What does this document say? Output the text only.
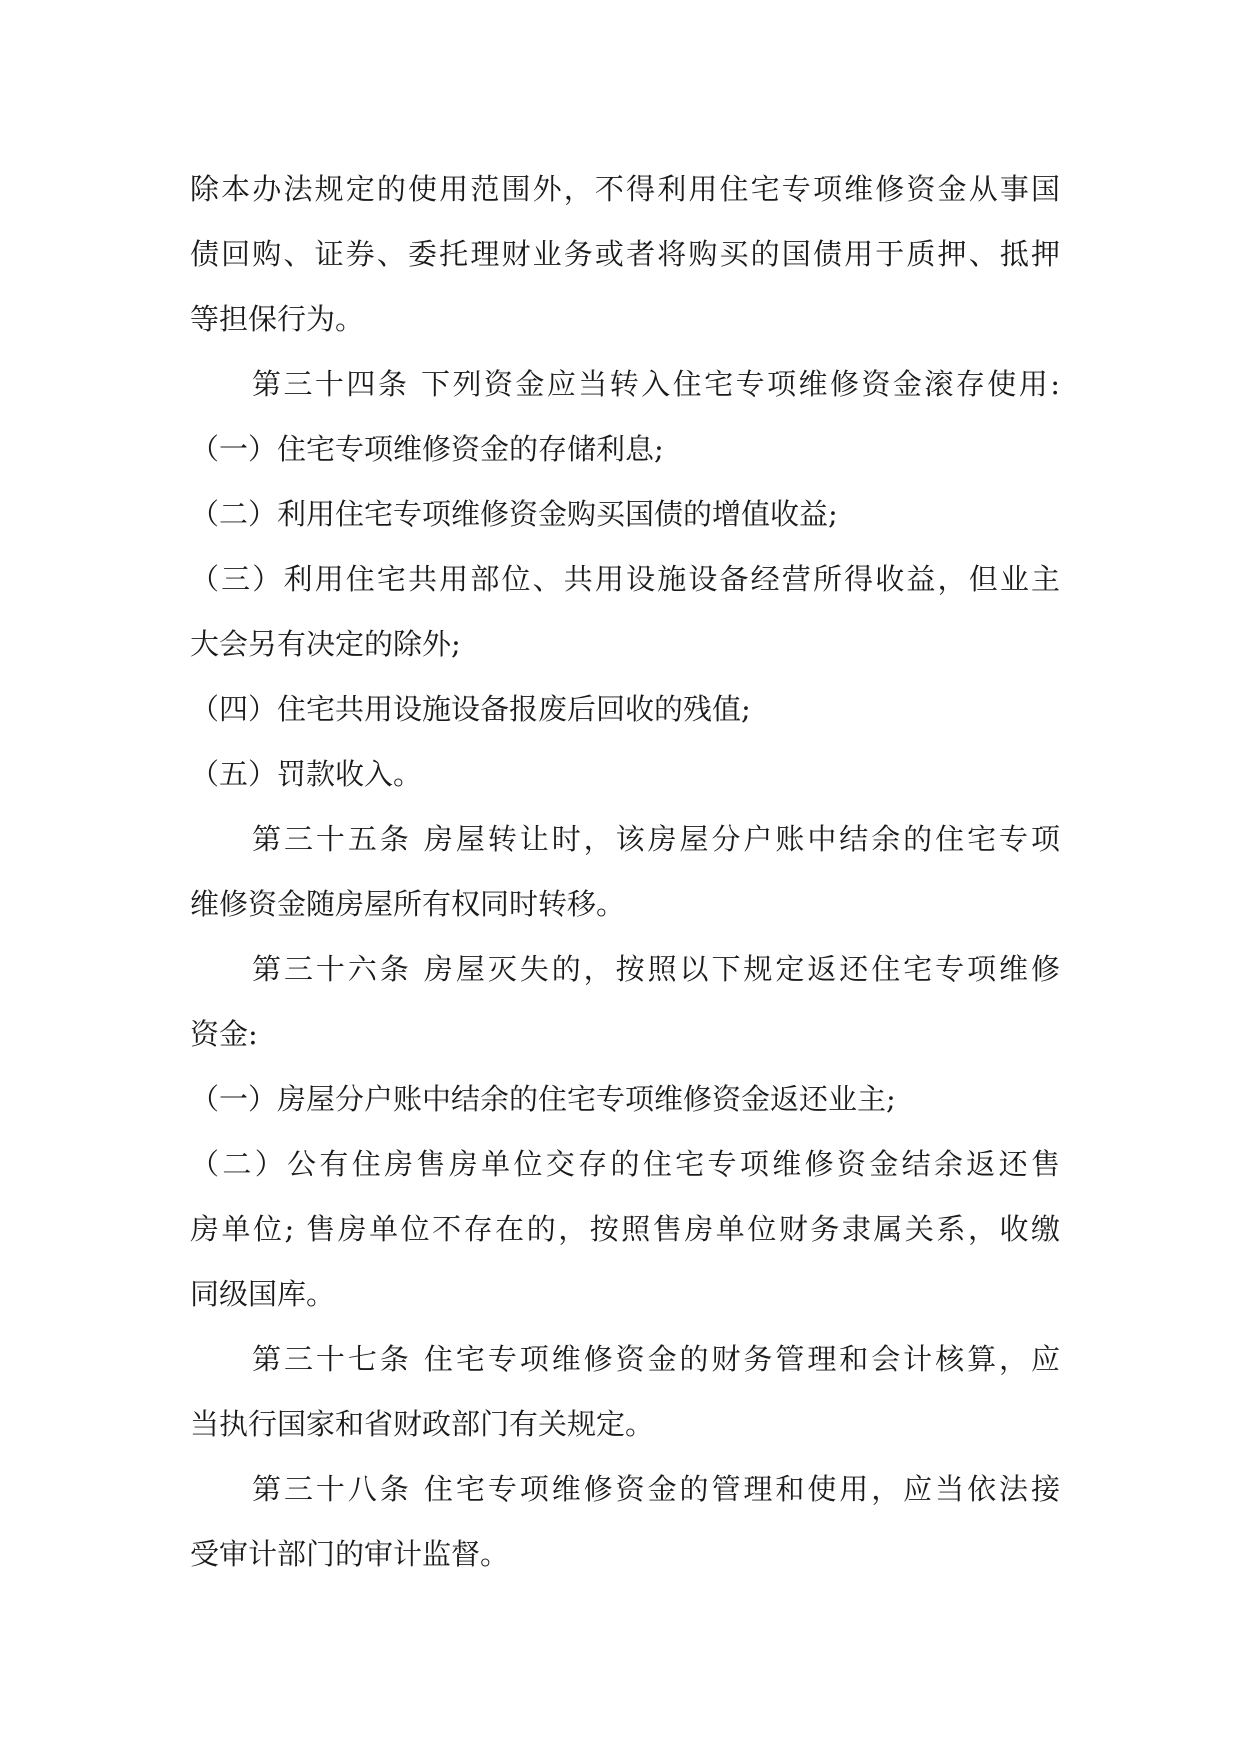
除本办法规定的使用范围外，不得利用住宅专项维修资金从事国
债回购、证券、委托理财业务或者将购买的国债用于质押、抵押
等担保行为。
第三十四条 下列资金应当转入住宅专项维修资金滚存使用:
（一）住宅专项维修资金的存储利息;
（二）利用住宅专项维修资金购买国债的增值收益;
（三）利用住宅共用部位、共用设施设备经营所得收益，但业主
大会另有决定的除外;
（四）住宅共用设施设备报废后回收的残值;
（五）罚款收入。
第三十五条 房屋转让时，该房屋分户账中结余的住宅专项
维修资金随房屋所有权同时转移。
第三十六条 房屋灭失的，按照以下规定返还住宅专项维修
资金:
（一）房屋分户账中结余的住宅专项维修资金返还业主;
（二）公有住房售房单位交存的住宅专项维修资金结余返还售
房单位; 售房单位不存在的，按照售房单位财务隶属关系，收缴
同级国库。
第三十七条 住宅专项维修资金的财务管理和会计核算，应
当执行国家和省财政部门有关规定。
第三十八条 住宅专项维修资金的管理和使用，应当依法接
受审计部门的审计监督。
